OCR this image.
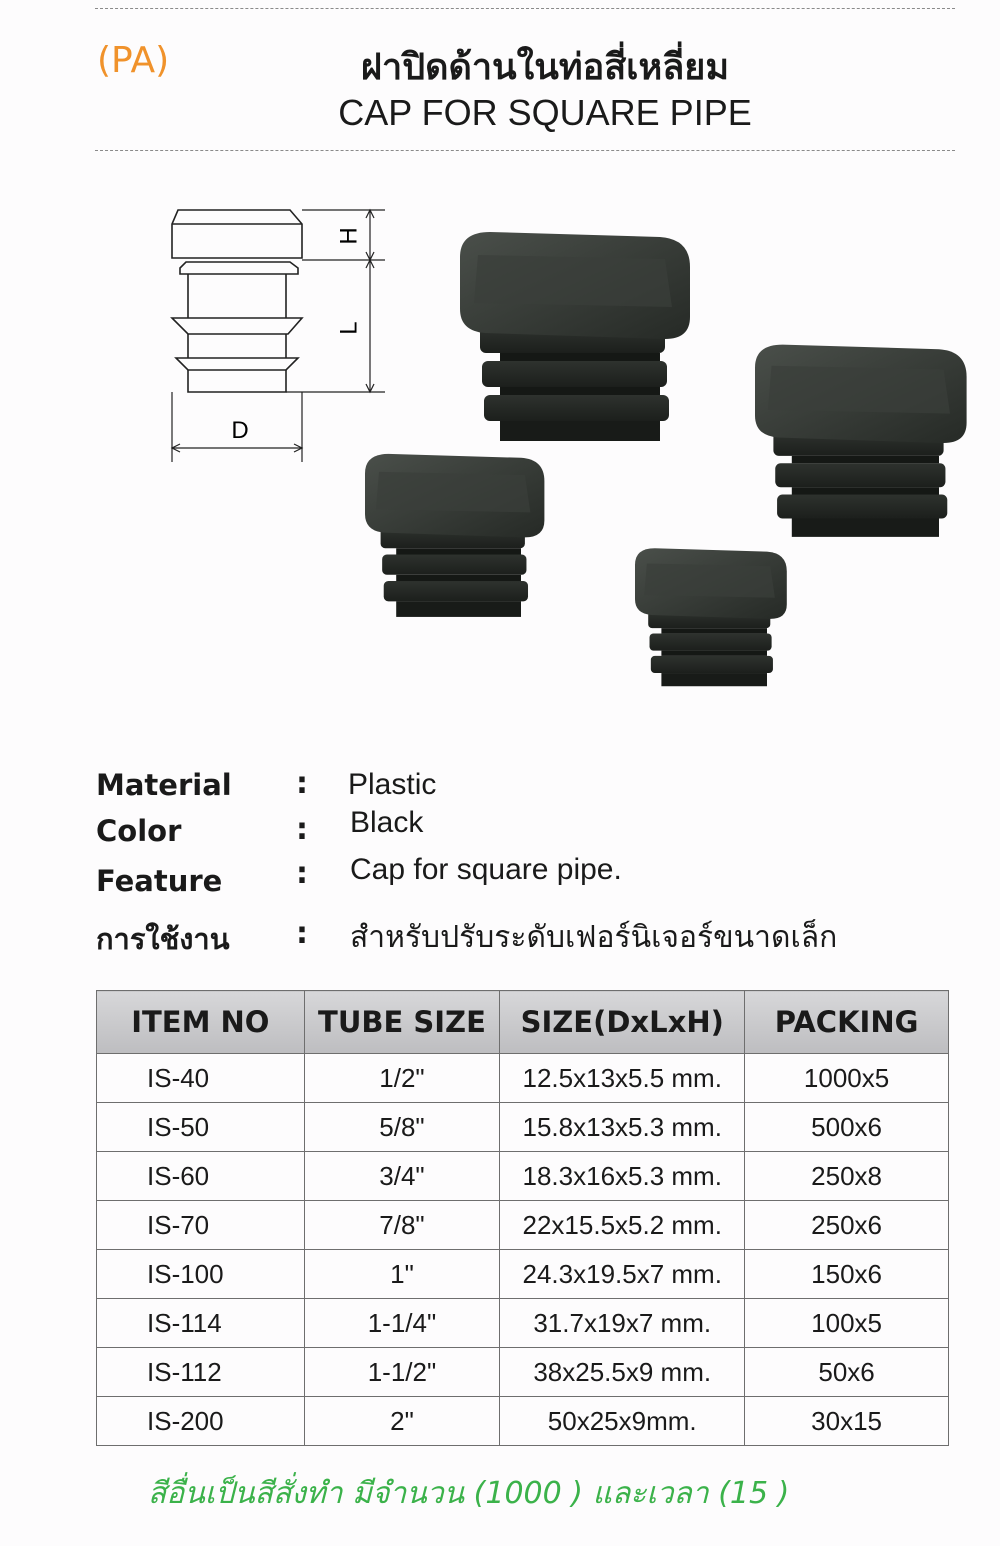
(PA)	ฝาปิดด้านในท่อสี่เหลี่ยม
CAP FOR SQUARE PIPE
H
L
D
Material : Plastic
Color	: Black
Feature : Cap for square pipe.
การใช้งาน : สำหรับปรับระดับเฟอร์นิเจอร์ขนาดเล็ก
ITEM NO	TUBE SIZE	SIZE(DxLxH)	PACKING
IS-40	1/2"	12.5x13x5.5 mm.	1000x5
IS-50	5/8"	15.8x13x5.3 mm.	500x6
IS-60	3/4"	18.3x16x5.3 mm.	250x8
IS-70	7/8"	22x15.5x5.2 mm.	250x6
IS-100	1"	24.3x19.5x7 mm.	150x6
IS-114	1-1/4"	31.7x19x7 mm.	100x5
IS-112	1-1/2"	38x25.5x9 mm.	50x6
IS-200	2"	50x25x9mm.	30x15
สีอื่นเป็นสีสั่งทำ มีจำนวน (1000 ) และเวลา (15 )
